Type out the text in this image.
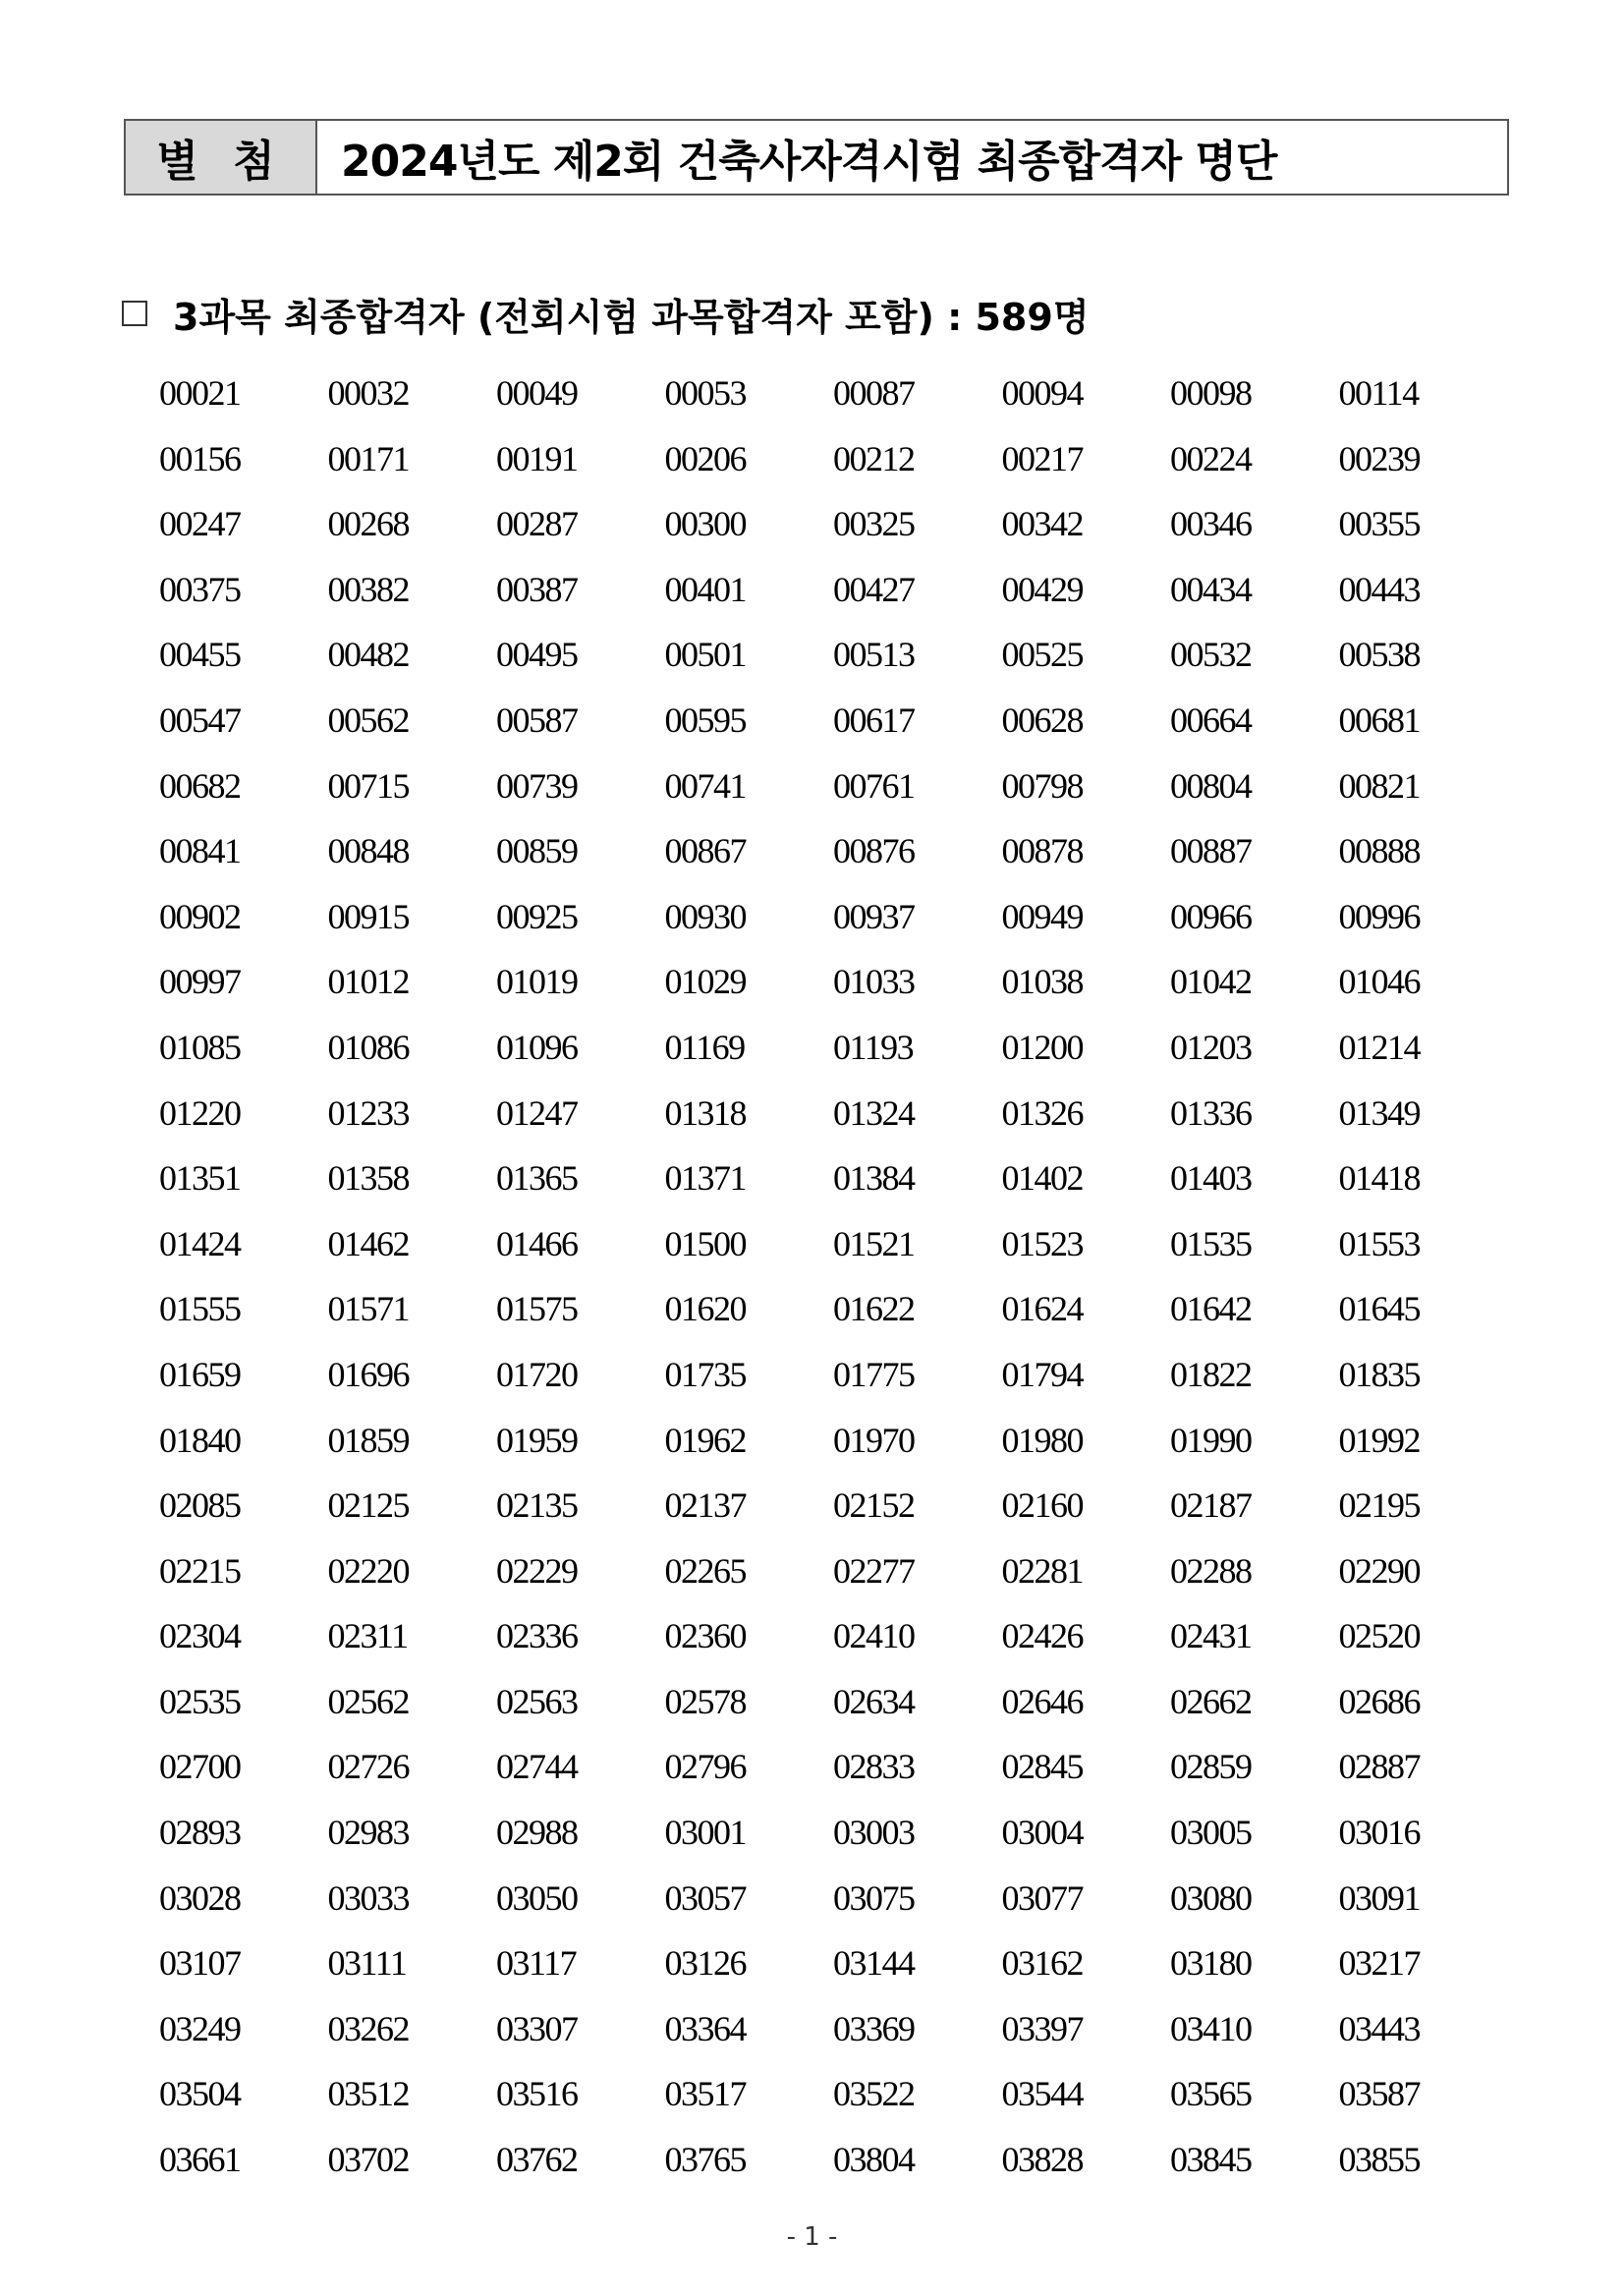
별 첨	2024년도 제2회 건축사자격시험 최종합격자 명단
3과목 최종합격자 (전회시험 과목합격자 포함) : 589명
00021	00032	00049	00053	00087	00094	00098	00114
00156	00171	00191	00206	00212	00217	00224	00239
00247	00268	00287	00300	00325	00342	00346	00355
00375	00382	00387	00401	00427	00429	00434	00443
00455	00482	00495	00501	00513	00525	00532	00538
00547	00562	00587	00595	00617	00628	00664	00681
00682	00715	00739	00741	00761	00798	00804	00821
00841	00848	00859	00867	00876	00878	00887	00888
00902	00915	00925	00930	00937	00949	00966	00996
00997	01012	01019	01029	01033	01038	01042	01046
01085	01086	01096	01169	01193	01200	01203	01214
01220	01233	01247	01318	01324	01326	01336	01349
01351	01358	01365	01371	01384	01402	01403	01418
01424	01462	01466	01500	01521	01523	01535	01553
01555	01571	01575	01620	01622	01624	01642	01645
01659	01696	01720	01735	01775	01794	01822	01835
01840	01859	01959	01962	01970	01980	01990	01992
02085	02125	02135	02137	02152	02160	02187	02195
02215	02220	02229	02265	02277	02281	02288	02290
02304	02311	02336	02360	02410	02426	02431	02520
02535	02562	02563	02578	02634	02646	02662	02686
02700	02726	02744	02796	02833	02845	02859	02887
02893	02983	02988	03001	03003	03004	03005	03016
03028	03033	03050	03057	03075	03077	03080	03091
03107	03111	03117	03126	03144	03162	03180	03217
03249	03262	03307	03364	03369	03397	03410	03443
03504	03512	03516	03517	03522	03544	03565	03587
03661	03702	03762	03765	03804	03828	03845	03855
- 1 -
